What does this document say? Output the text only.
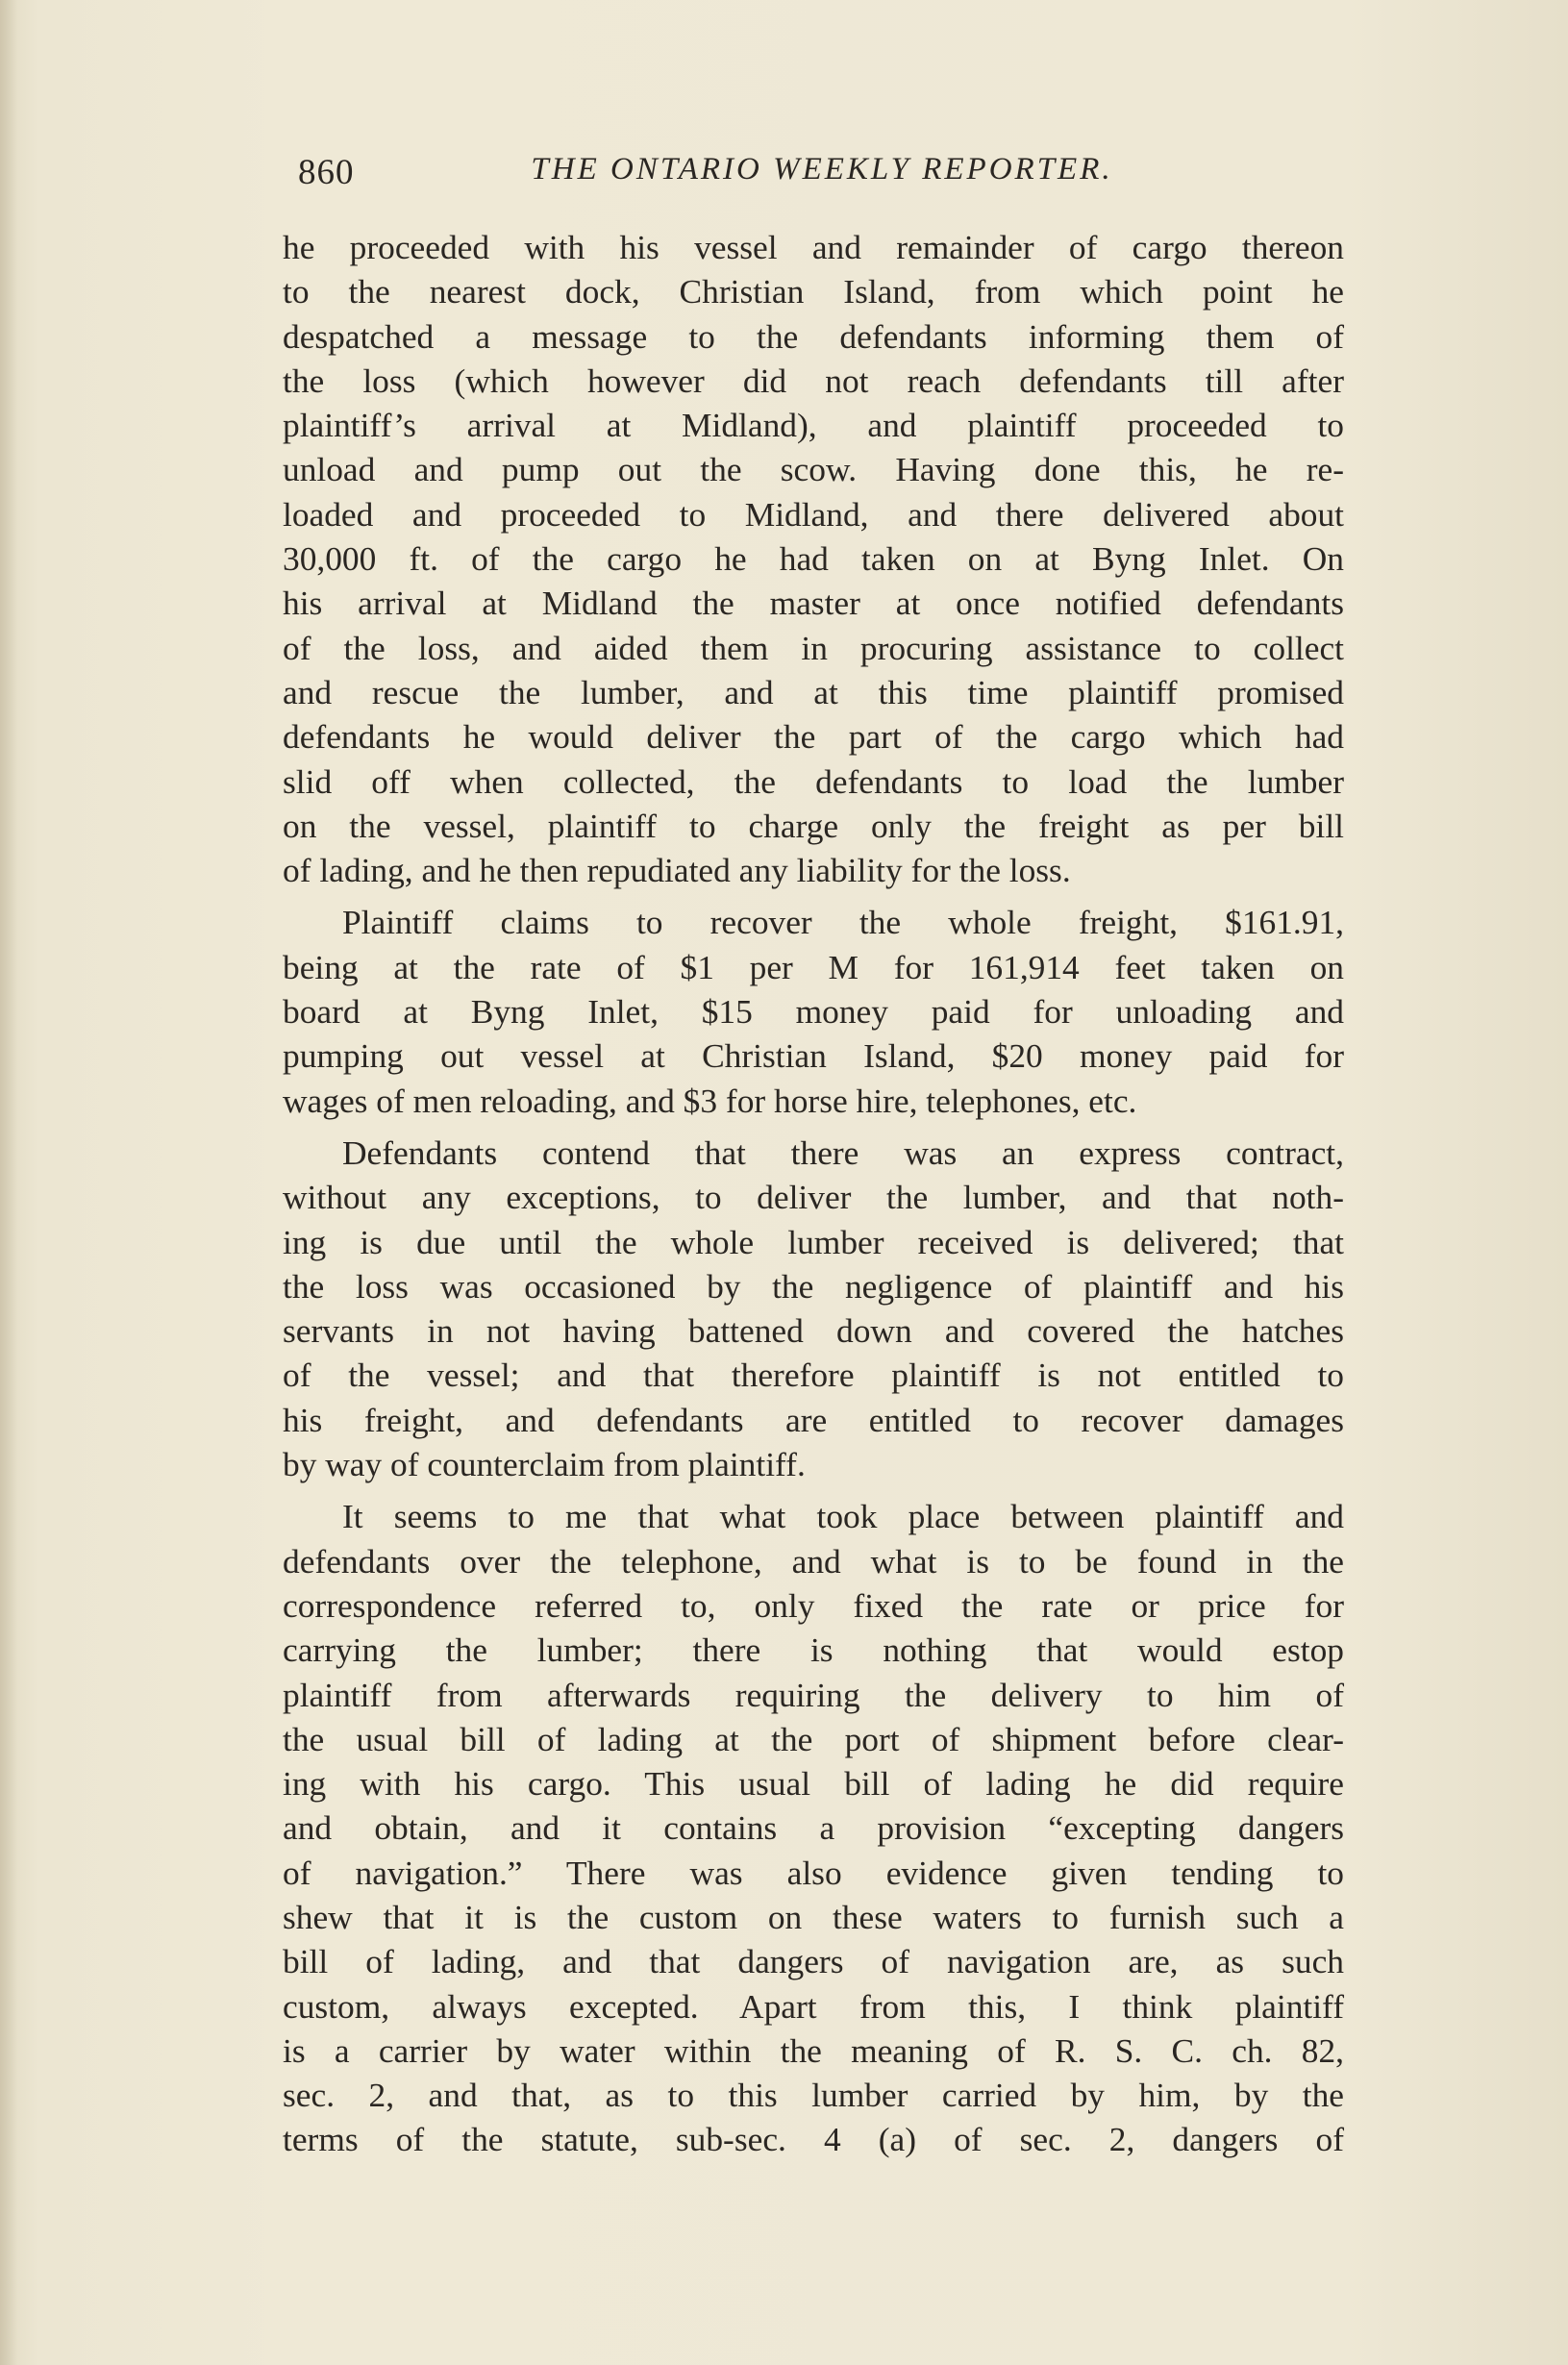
860	THE ONTARIO WEEKLY REPORTER.
he proceeded with his vessel and remainder of cargo thereon
to the nearest dock, Christian Island, from which point he
despatched a message to the defendants informing them of
the loss (which however did not reach defendants till after
plaintiff’s arrival at Midland), and plaintiff proceeded to
unload and pump out the scow. Having done this, he re-
loaded and proceeded to Midland, and there delivered about
30,000 ft. of the cargo he had taken on at Byng Inlet. On
his arrival at Midland the master at once notified defendants
of the loss, and aided them in procuring assistance to collect
and rescue the lumber, and at this time plaintiff promised
defendants he would deliver the part of the cargo which had
slid off when collected, the defendants to load the lumber
on the vessel, plaintiff to charge only the freight as per bill
of lading, and he then repudiated any liability for the loss.
Plaintiff claims to recover the whole freight, $161.91,
being at the rate of $1 per M for 161,914 feet taken on
board at Byng Inlet, $15 money paid for unloading and
pumping out vessel at Christian Island, $20 money paid for
wages of men reloading, and $3 for horse hire, telephones, etc.
Defendants contend that there was an express contract,
without any exceptions, to deliver the lumber, and that noth-
ing is due until the whole lumber received is delivered; that
the loss was occasioned by the negligence of plaintiff and his
servants in not having battened down and covered the hatches
of the vessel; and that therefore plaintiff is not entitled to
his freight, and defendants are entitled to recover damages
by way of counterclaim from plaintiff.
It seems to me that what took place between plaintiff and
defendants over the telephone, and what is to be found in the
correspondence referred to, only fixed the rate or price for
carrying the lumber; there is nothing that would estop
plaintiff from afterwards requiring the delivery to him of
the usual bill of lading at the port of shipment before clear-
ing with his cargo. This usual bill of lading he did require
and obtain, and it contains a provision “excepting dangers
of navigation.” There was also evidence given tending to
shew that it is the custom on these waters to furnish such a
bill of lading, and that dangers of navigation are, as such
custom, always excepted. Apart from this, I think plaintiff
is a carrier by water within the meaning of R. S. C. ch. 82,
sec. 2, and that, as to this lumber carried by him, by the
terms of the statute, sub-sec. 4 (a) of sec. 2, dangers of
